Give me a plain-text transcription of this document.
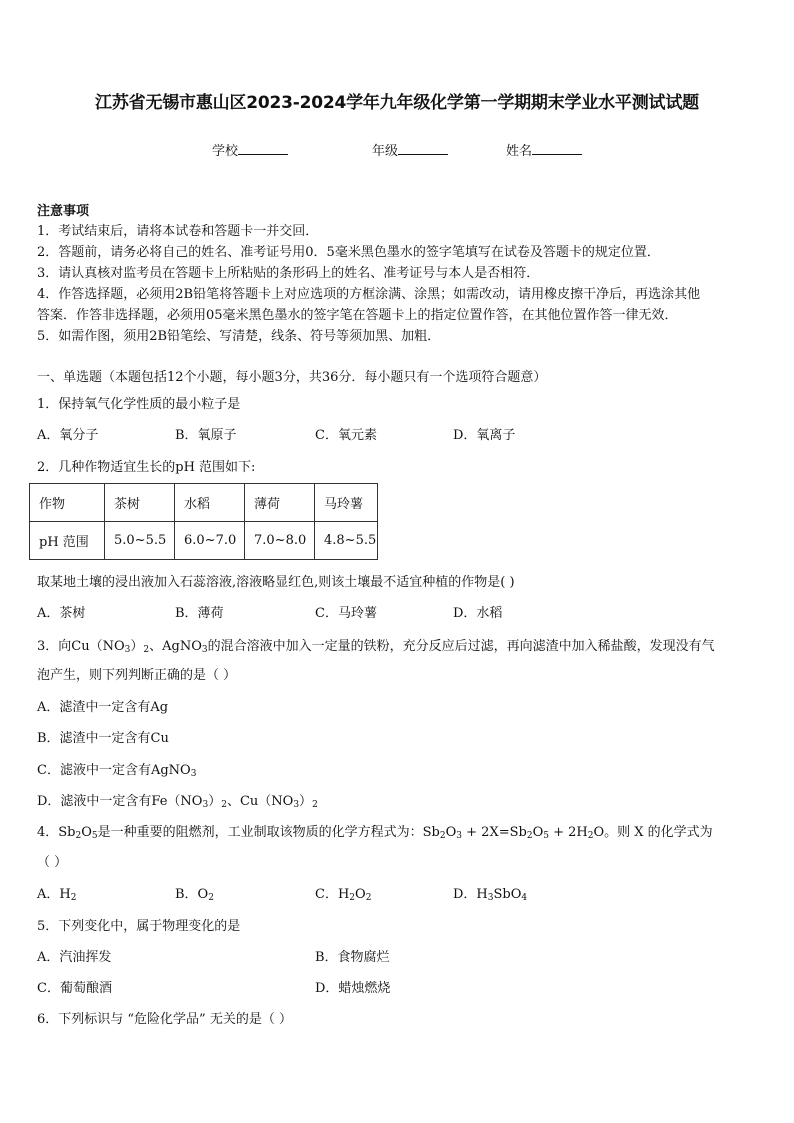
江苏省无锡市惠山区2023-2024学年九年级化学第一学期期末学业水平测试试题
学校	年级	姓名
注意事项
1．考试结束后，请将本试卷和答题卡一并交回．
2．答题前，请务必将自己的姓名、准考证号用0．5毫米黑色墨水的签字笔填写在试卷及答题卡的规定位置．
3．请认真核对监考员在答题卡上所粘贴的条形码上的姓名、准考证号与本人是否相符．
4．作答选择题，必须用2B铅笔将答题卡上对应选项的方框涂满、涂黑；如需改动，请用橡皮擦干净后，再选涂其他
答案．作答非选择题，必须用05毫米黑色墨水的签字笔在答题卡上的指定位置作答，在其他位置作答一律无效．
5．如需作图，须用2B铅笔绘、写清楚，线条、符号等须加黑、加粗．
一、单选题（本题包括12个小题，每小题3分，共36分．每小题只有一个选项符合题意）
1．保持氧气化学性质的最小粒子是
A．氧分子	B．氧原子	C．氧元素	D．氧离子
2．几种作物适宜生长的pH 范围如下:
作物	茶树	水稻	薄荷	马玲薯
pH 范围	5.0~5.5	6.0~7.0	7.0~8.0	4.8~5.5
取某地土壤的浸出液加入石蕊溶液,溶液略显红色,则该土壤最不适宜种植的作物是( )
A．茶树	B．薄荷	C．马玲薯	D．水稻
3．向$Cu(NO_3)_2$、AgNO$_3$的混合溶液中加入一定量的铁粉，充分反应后过滤，再向滤渣中加入稀盐酸，发现没有气
泡产生，则下列判断正确的是（ ）
A．滤渣中一定含有Ag
B．滤渣中一定含有Cu
C．滤液中一定含有AgNO$_3$
D．滤液中一定含有$Fe(NO_3)_2$、$Cu(NO_3)_2$
4．$Sb_2O_5$是一种重要的阻燃剂，工业制取该物质的化学方程式为：$Sb_2O_3 + 2X=Sb_2O_5 + 2H_2O$。则 X 的化学式为
（ ）
A．$H_2$	B．$O_2$	C．$H_2O_2$	D．$H_3SbO_4$
5．下列变化中，属于物理变化的是
A．汽油挥发	B．食物腐烂
C．葡萄酿酒	D．蜡烛燃烧
6．下列标识与 “危险化学品” 无关的是（ ）
